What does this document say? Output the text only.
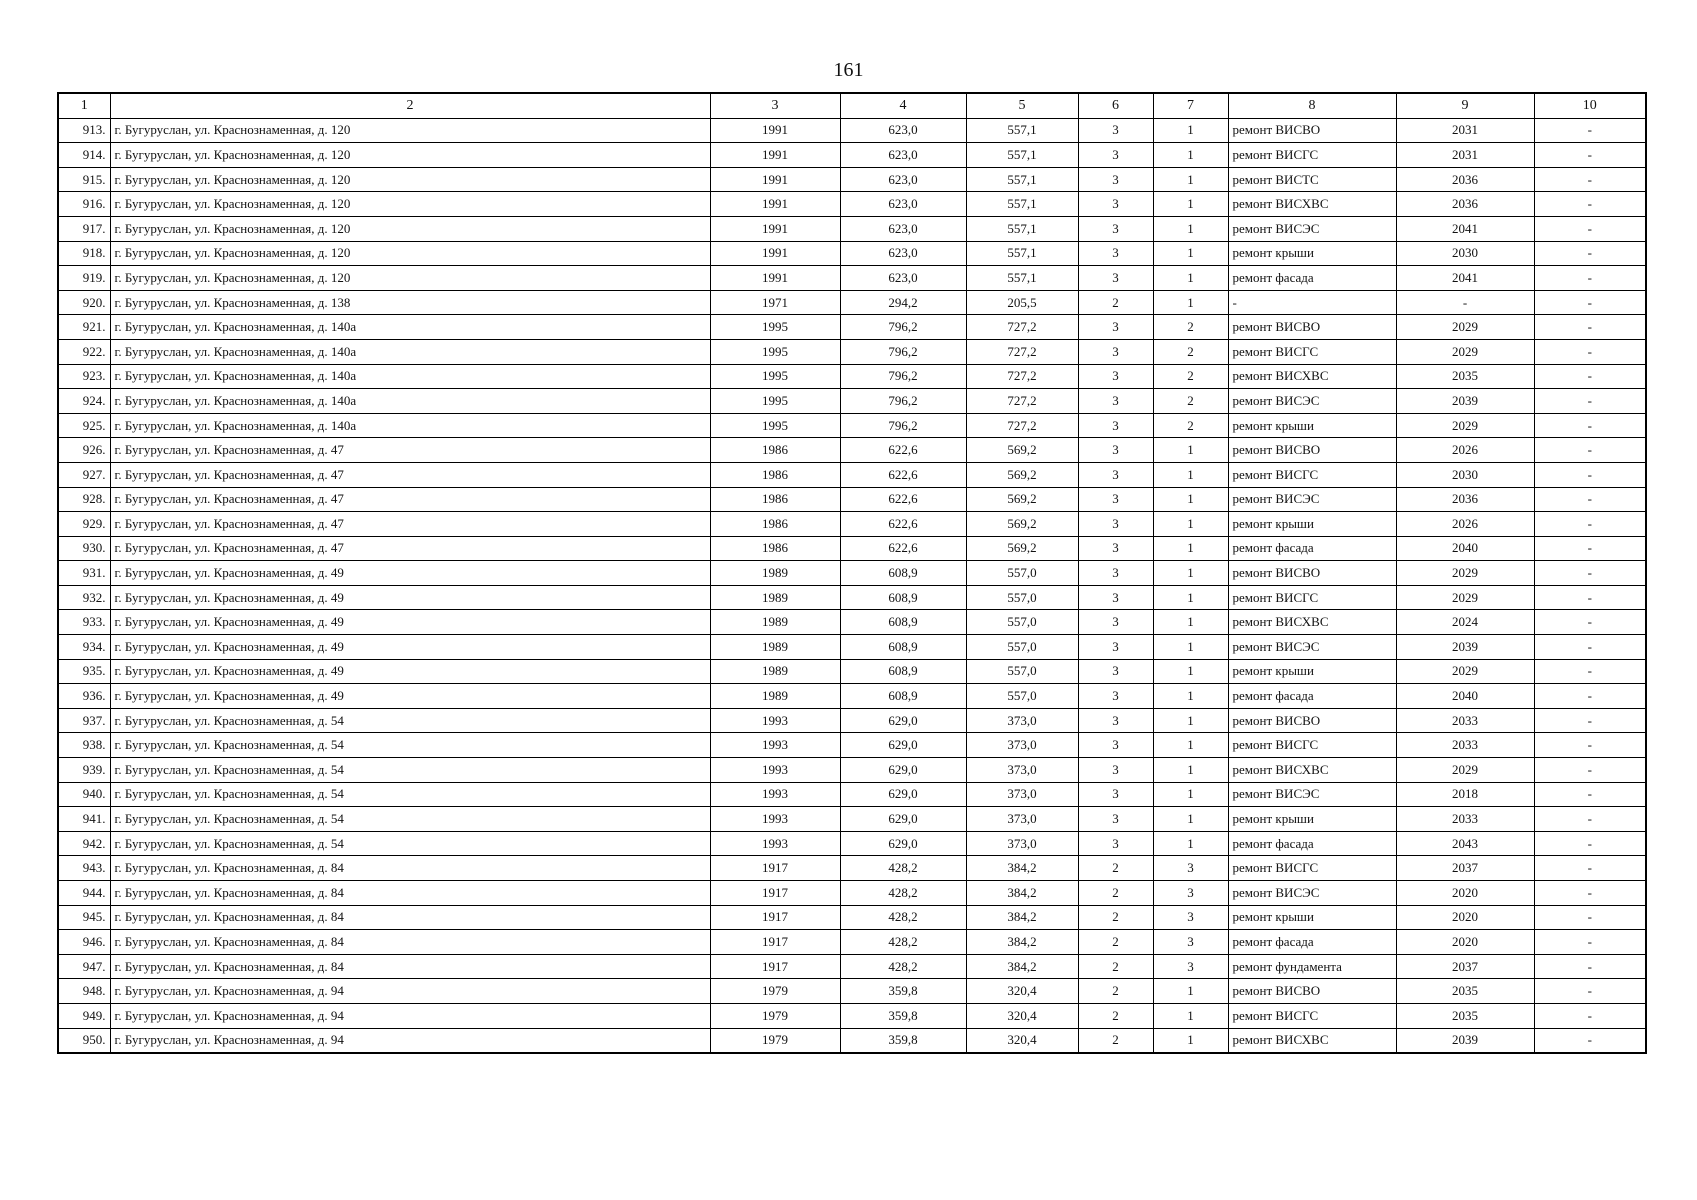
161
1	2	3	4	5	6	7	8	9	10
913.	г. Бугуруслан, ул. Краснознаменная, д. 120	1991	623,0	557,1	3	1	ремонт ВИСВО	2031	-
914.	г. Бугуруслан, ул. Краснознаменная, д. 120	1991	623,0	557,1	3	1	ремонт ВИСГС	2031	-
915.	г. Бугуруслан, ул. Краснознаменная, д. 120	1991	623,0	557,1	3	1	ремонт ВИСТС	2036	-
916.	г. Бугуруслан, ул. Краснознаменная, д. 120	1991	623,0	557,1	3	1	ремонт ВИСХВС	2036	-
917.	г. Бугуруслан, ул. Краснознаменная, д. 120	1991	623,0	557,1	3	1	ремонт ВИСЭС	2041	-
918.	г. Бугуруслан, ул. Краснознаменная, д. 120	1991	623,0	557,1	3	1	ремонт крыши	2030	-
919.	г. Бугуруслан, ул. Краснознаменная, д. 120	1991	623,0	557,1	3	1	ремонт фасада	2041	-
920.	г. Бугуруслан, ул. Краснознаменная, д. 138	1971	294,2	205,5	2	1	-	-	-
921.	г. Бугуруслан, ул. Краснознаменная, д. 140а	1995	796,2	727,2	3	2	ремонт ВИСВО	2029	-
922.	г. Бугуруслан, ул. Краснознаменная, д. 140а	1995	796,2	727,2	3	2	ремонт ВИСГС	2029	-
923.	г. Бугуруслан, ул. Краснознаменная, д. 140а	1995	796,2	727,2	3	2	ремонт ВИСХВС	2035	-
924.	г. Бугуруслан, ул. Краснознаменная, д. 140а	1995	796,2	727,2	3	2	ремонт ВИСЭС	2039	-
925.	г. Бугуруслан, ул. Краснознаменная, д. 140а	1995	796,2	727,2	3	2	ремонт крыши	2029	-
926.	г. Бугуруслан, ул. Краснознаменная, д. 47	1986	622,6	569,2	3	1	ремонт ВИСВО	2026	-
927.	г. Бугуруслан, ул. Краснознаменная, д. 47	1986	622,6	569,2	3	1	ремонт ВИСГС	2030	-
928.	г. Бугуруслан, ул. Краснознаменная, д. 47	1986	622,6	569,2	3	1	ремонт ВИСЭС	2036	-
929.	г. Бугуруслан, ул. Краснознаменная, д. 47	1986	622,6	569,2	3	1	ремонт крыши	2026	-
930.	г. Бугуруслан, ул. Краснознаменная, д. 47	1986	622,6	569,2	3	1	ремонт фасада	2040	-
931.	г. Бугуруслан, ул. Краснознаменная, д. 49	1989	608,9	557,0	3	1	ремонт ВИСВО	2029	-
932.	г. Бугуруслан, ул. Краснознаменная, д. 49	1989	608,9	557,0	3	1	ремонт ВИСГС	2029	-
933.	г. Бугуруслан, ул. Краснознаменная, д. 49	1989	608,9	557,0	3	1	ремонт ВИСХВС	2024	-
934.	г. Бугуруслан, ул. Краснознаменная, д. 49	1989	608,9	557,0	3	1	ремонт ВИСЭС	2039	-
935.	г. Бугуруслан, ул. Краснознаменная, д. 49	1989	608,9	557,0	3	1	ремонт крыши	2029	-
936.	г. Бугуруслан, ул. Краснознаменная, д. 49	1989	608,9	557,0	3	1	ремонт фасада	2040	-
937.	г. Бугуруслан, ул. Краснознаменная, д. 54	1993	629,0	373,0	3	1	ремонт ВИСВО	2033	-
938.	г. Бугуруслан, ул. Краснознаменная, д. 54	1993	629,0	373,0	3	1	ремонт ВИСГС	2033	-
939.	г. Бугуруслан, ул. Краснознаменная, д. 54	1993	629,0	373,0	3	1	ремонт ВИСХВС	2029	-
940.	г. Бугуруслан, ул. Краснознаменная, д. 54	1993	629,0	373,0	3	1	ремонт ВИСЭС	2018	-
941.	г. Бугуруслан, ул. Краснознаменная, д. 54	1993	629,0	373,0	3	1	ремонт крыши	2033	-
942.	г. Бугуруслан, ул. Краснознаменная, д. 54	1993	629,0	373,0	3	1	ремонт фасада	2043	-
943.	г. Бугуруслан, ул. Краснознаменная, д. 84	1917	428,2	384,2	2	3	ремонт ВИСГС	2037	-
944.	г. Бугуруслан, ул. Краснознаменная, д. 84	1917	428,2	384,2	2	3	ремонт ВИСЭС	2020	-
945.	г. Бугуруслан, ул. Краснознаменная, д. 84	1917	428,2	384,2	2	3	ремонт крыши	2020	-
946.	г. Бугуруслан, ул. Краснознаменная, д. 84	1917	428,2	384,2	2	3	ремонт фасада	2020	-
947.	г. Бугуруслан, ул. Краснознаменная, д. 84	1917	428,2	384,2	2	3	ремонт фундамента	2037	-
948.	г. Бугуруслан, ул. Краснознаменная, д. 94	1979	359,8	320,4	2	1	ремонт ВИСВО	2035	-
949.	г. Бугуруслан, ул. Краснознаменная, д. 94	1979	359,8	320,4	2	1	ремонт ВИСГС	2035	-
950.	г. Бугуруслан, ул. Краснознаменная, д. 94	1979	359,8	320,4	2	1	ремонт ВИСХВС	2039	-
